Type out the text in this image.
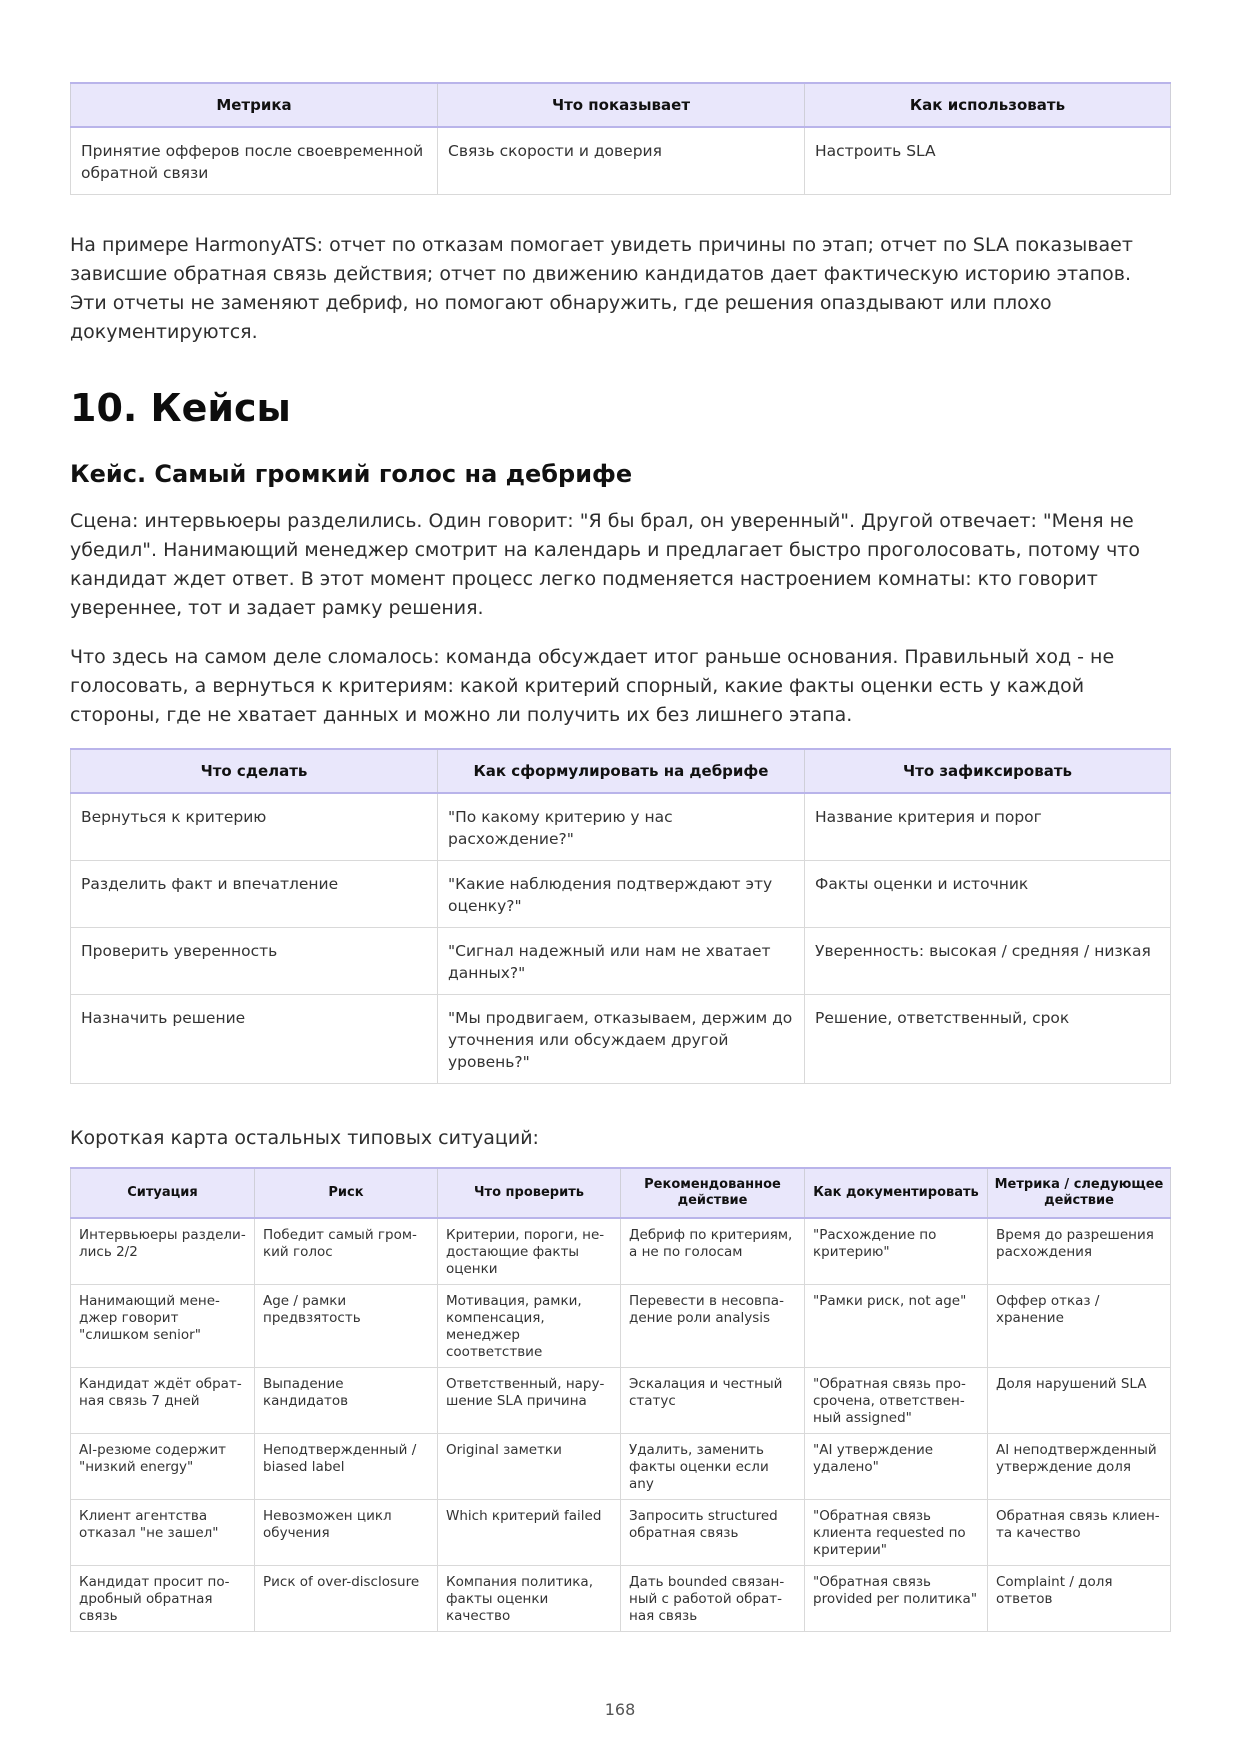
Метрика	Что показывает	Как использовать
Принятие офферов после своевременной обратной связи	Связь скорости и доверия	Настроить SLA

На примере HarmonyATS: отчет по отказам помогает увидеть причины по этап; отчет по SLA показывает зависшие обратная связь действия; отчет по движению кандидатов дает фактическую историю этапов. Эти отчеты не заменяют дебриф, но помогают обнаружить, где решения опаздывают или плохо документируются.

10. Кейсы
Кейс. Самый громкий голос на дебрифе

Сцена: интервьюеры разделились. Один говорит: "Я бы брал, он уверенный". Другой отвечает: "Меня не убедил". Нанимающий менеджер смотрит на календарь и предлагает быстро проголосовать, потому что кандидат ждет ответ. В этот момент процесс легко подменяется настроением комнаты: кто говорит увереннее, тот и задает рамку решения.

Что здесь на самом деле сломалось: команда обсуждает итог раньше основания. Правильный ход - не голосовать, а вернуться к критериям: какой критерий спорный, какие факты оценки есть у каждой стороны, где не хватает данных и можно ли получить их без лишнего этапа.

Что сделать	Как сформулировать на дебрифе	Что зафиксировать
Вернуться к критерию	"По какому критерию у нас расхождение?"	Название критерия и порог
Разделить факт и впечатление	"Какие наблюдения подтверждают эту оценку?"	Факты оценки и источник
Проверить уверенность	"Сигнал надежный или нам не хватает данных?"	Уверенность: высокая / средняя / низкая
Назначить решение	"Мы продвигаем, отказываем, держим до уточнения или обсуждаем другой уровень?"	Решение, ответственный, срок

Короткая карта остальных типовых ситуаций:

Ситуация	Риск	Что проверить	Рекомендованное действие	Как документировать	Метрика / следующее действие
Интервьюеры разделились 2/2	Победит самый громкий голос	Критерии, пороги, недостающие факты оценки	Дебриф по критериям, а не по голосам	"Расхождение по критерию"	Время до разрешения расхождения
Нанимающий менеджер говорит "слишком senior"	Age / рамки предвзятость	Мотивация, рамки, компенсация, менеджер соответствие	Перевести в несовпадение роли analysis	"Рамки риск, not age"	Оффер отказ / хранение
Кандидат ждёт обратная связь 7 дней	Выпадение кандидатов	Ответственный, нарушение SLA причина	Эскалация и честный статус	"Обратная связь просрочена, ответственный assigned"	Доля нарушений SLA
AI-резюме содержит "низкий energy"	Неподтвержденный / biased label	Original заметки	Удалить, заменить факты оценки если any	"AI утверждение удалено"	AI неподтвержденный утверждение доля
Клиент агентства отказал "не зашел"	Невозможен цикл обучения	Which критерий failed	Запросить structured обратная связь	"Обратная связь клиента requested по критерии"	Обратная связь клиента качество
Кандидат просит подробный обратная связь	Риск of over-disclosure	Компания политика, факты оценки качество	Дать bounded связанный с работой обратная связь	"Обратная связь provided per политика"	Complaint / доля ответов
168
